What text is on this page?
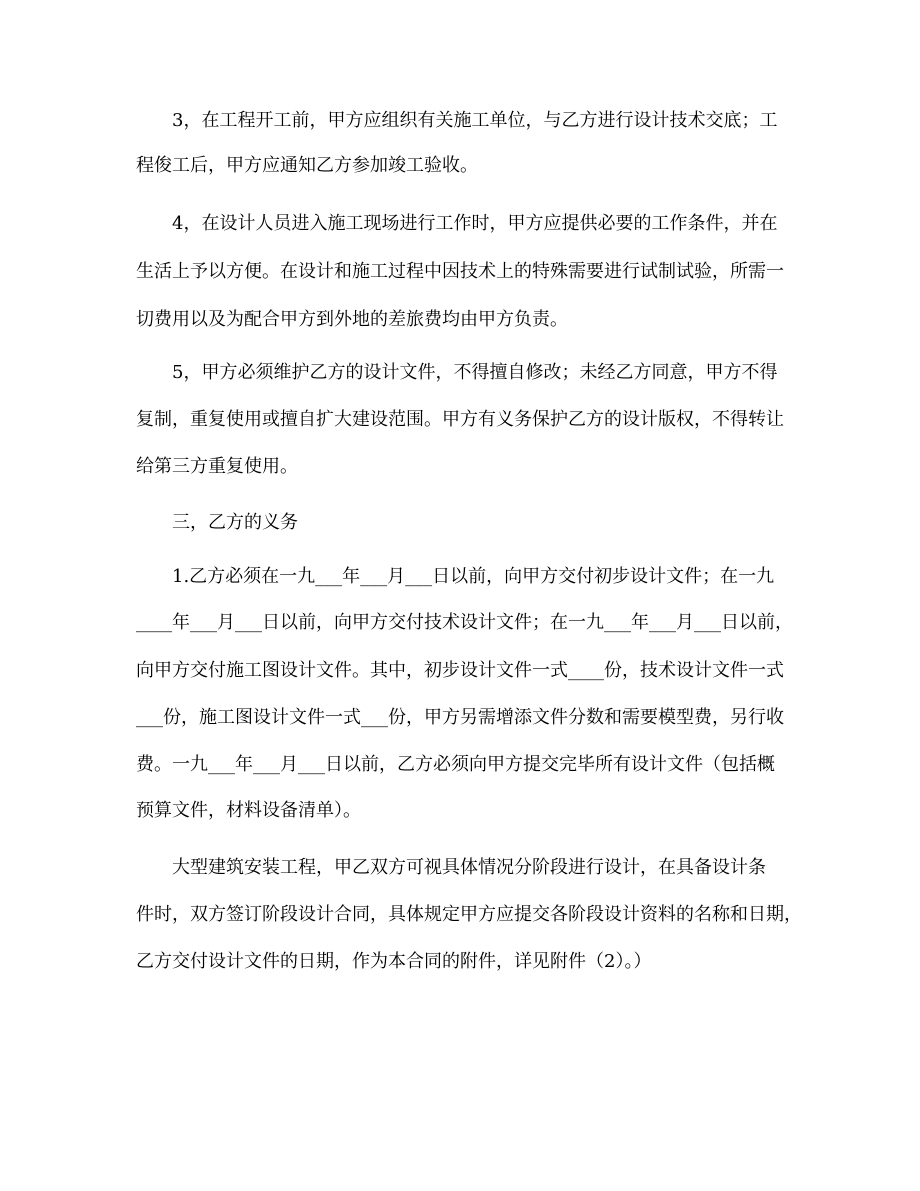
3，在工程开工前，甲方应组织有关施工单位，与乙方进行设计技术交底；工
程俊工后，甲方应通知乙方参加竣工验收。
4，在设计人员进入施工现场进行工作时，甲方应提供必要的工作条件，并在
生活上予以方便。在设计和施工过程中因技术上的特殊需要进行试制试验，所需一
切费用以及为配合甲方到外地的差旅费均由甲方负责。
5，甲方必须维护乙方的设计文件，不得擅自修改；未经乙方同意，甲方不得
复制，重复使用或擅自扩大建设范围。甲方有义务保护乙方的设计版权，不得转让
给第三方重复使用。
三，乙方的义务
1.乙方必须在一九___年___月___日以前，向甲方交付初步设计文件；在一九
____年___月___日以前，向甲方交付技术设计文件；在一九___年___月___日以前，
向甲方交付施工图设计文件。其中，初步设计文件一式____份，技术设计文件一式
___份，施工图设计文件一式___份，甲方另需增添文件分数和需要模型费，另行收
费。一九___年___月___日以前，乙方必须向甲方提交完毕所有设计文件（包括概
预算文件，材料设备清单）。
大型建筑安装工程，甲乙双方可视具体情况分阶段进行设计，在具备设计条
件时，双方签订阶段设计合同，具体规定甲方应提交各阶段设计资料的名称和日期，
乙方交付设计文件的日期，作为本合同的附件，详见附件（2）。）
